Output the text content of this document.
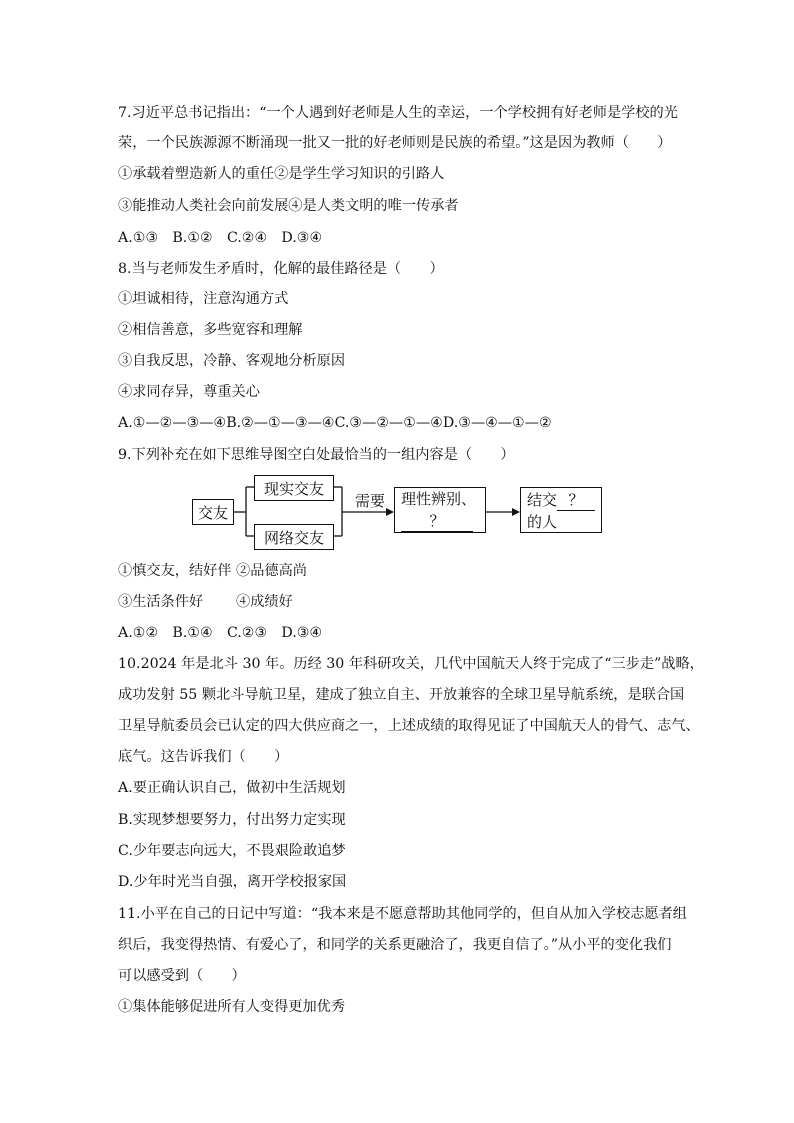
7.习近平总书记指出：“一个人遇到好老师是人生的幸运，一个学校拥有好老师是学校的光
荣，一个民族源源不断涌现一批又一批的好老师则是民族的希望。”这是因为教师（　　）
①承载着塑造新人的重任②是学生学习知识的引路人
③能推动人类社会向前发展④是人类文明的唯一传承者
A.①③　B.①②　C.②④　D.③④
8.当与老师发生矛盾时，化解的最佳路径是（　　）
①坦诚相待，注意沟通方式
②相信善意，多些宽容和理解
③自我反思，冷静、客观地分析原因
④求同存异，尊重关心
A.①—②—③—④B.②—①—③—④C.③—②—①—④D.③—④—①—②
9.下列补充在如下思维导图空白处最恰当的一组内容是（　　）
交友
现实交友
网络交友
需要 理性辨别、
？
结交 ？
的人
①慎交友，结好伴 ②品德高尚
③生活条件好　　 ④成绩好
A.①②　B.①④　C.②③　D.③④
10.2024 年是北斗 30 年。历经 30 年科研攻关，几代中国航天人终于完成了“三步走”战略，
成功发射 55 颗北斗导航卫星，建成了独立自主、开放兼容的全球卫星导航系统，是联合国
卫星导航委员会已认定的四大供应商之一，上述成绩的取得见证了中国航天人的骨气、志气、
底气。这告诉我们（　　）
A.要正确认识自己，做初中生活规划
B.实现梦想要努力，付出努力定实现
C.少年要志向远大，不畏艰险敢追梦
D.少年时光当自强，离开学校报家国
11.小平在自己的日记中写道：“我本来是不愿意帮助其他同学的，但自从加入学校志愿者组
织后，我变得热情、有爱心了，和同学的关系更融洽了，我更自信了。”从小平的变化我们
可以感受到（　　）
①集体能够促进所有人变得更加优秀
